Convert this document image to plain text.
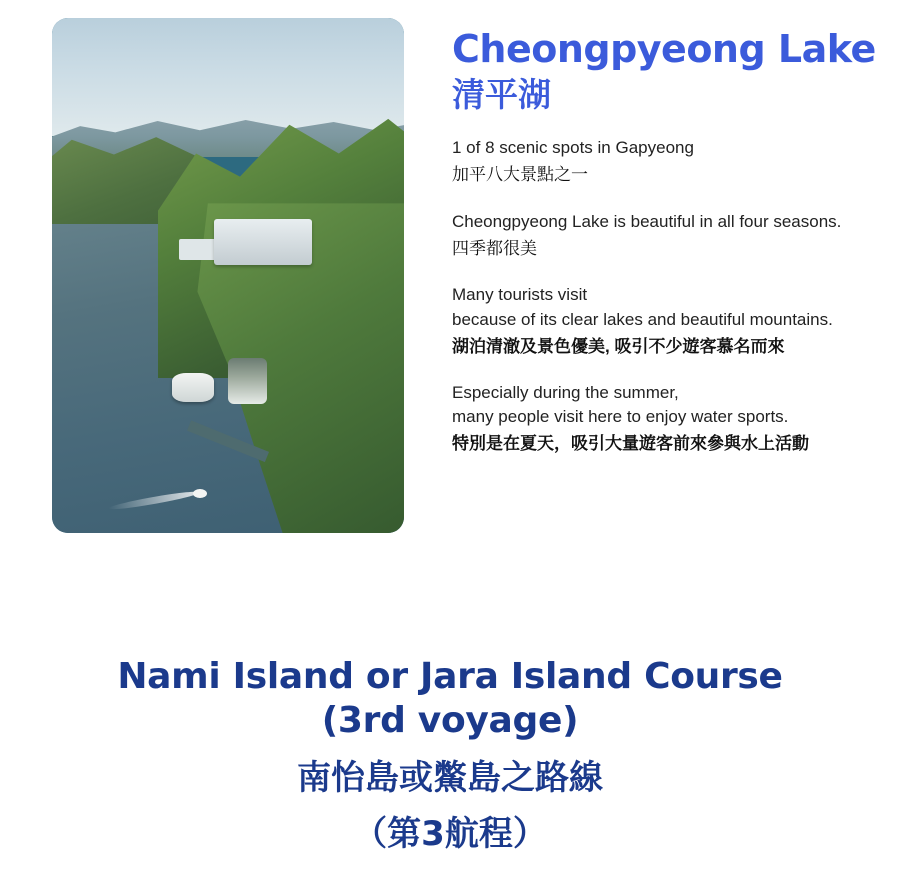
Cheongpyeong Lake
清平湖
1 of 8 scenic spots in Gapyeong
加平八大景點之一
Cheongpyeong Lake is beautiful in all four seasons.
四季都很美
Many tourists visit
because of its clear lakes and beautiful mountains.
湖泊清澈及景色優美, 吸引不少遊客慕名而來
Especially during the summer,
many people visit here to enjoy water sports.
特別是在夏天，吸引大量遊客前來參與水上活動
Nami Island or Jara Island Course
(3rd voyage)
南怡島或鱉島之路線
（第3航程）
